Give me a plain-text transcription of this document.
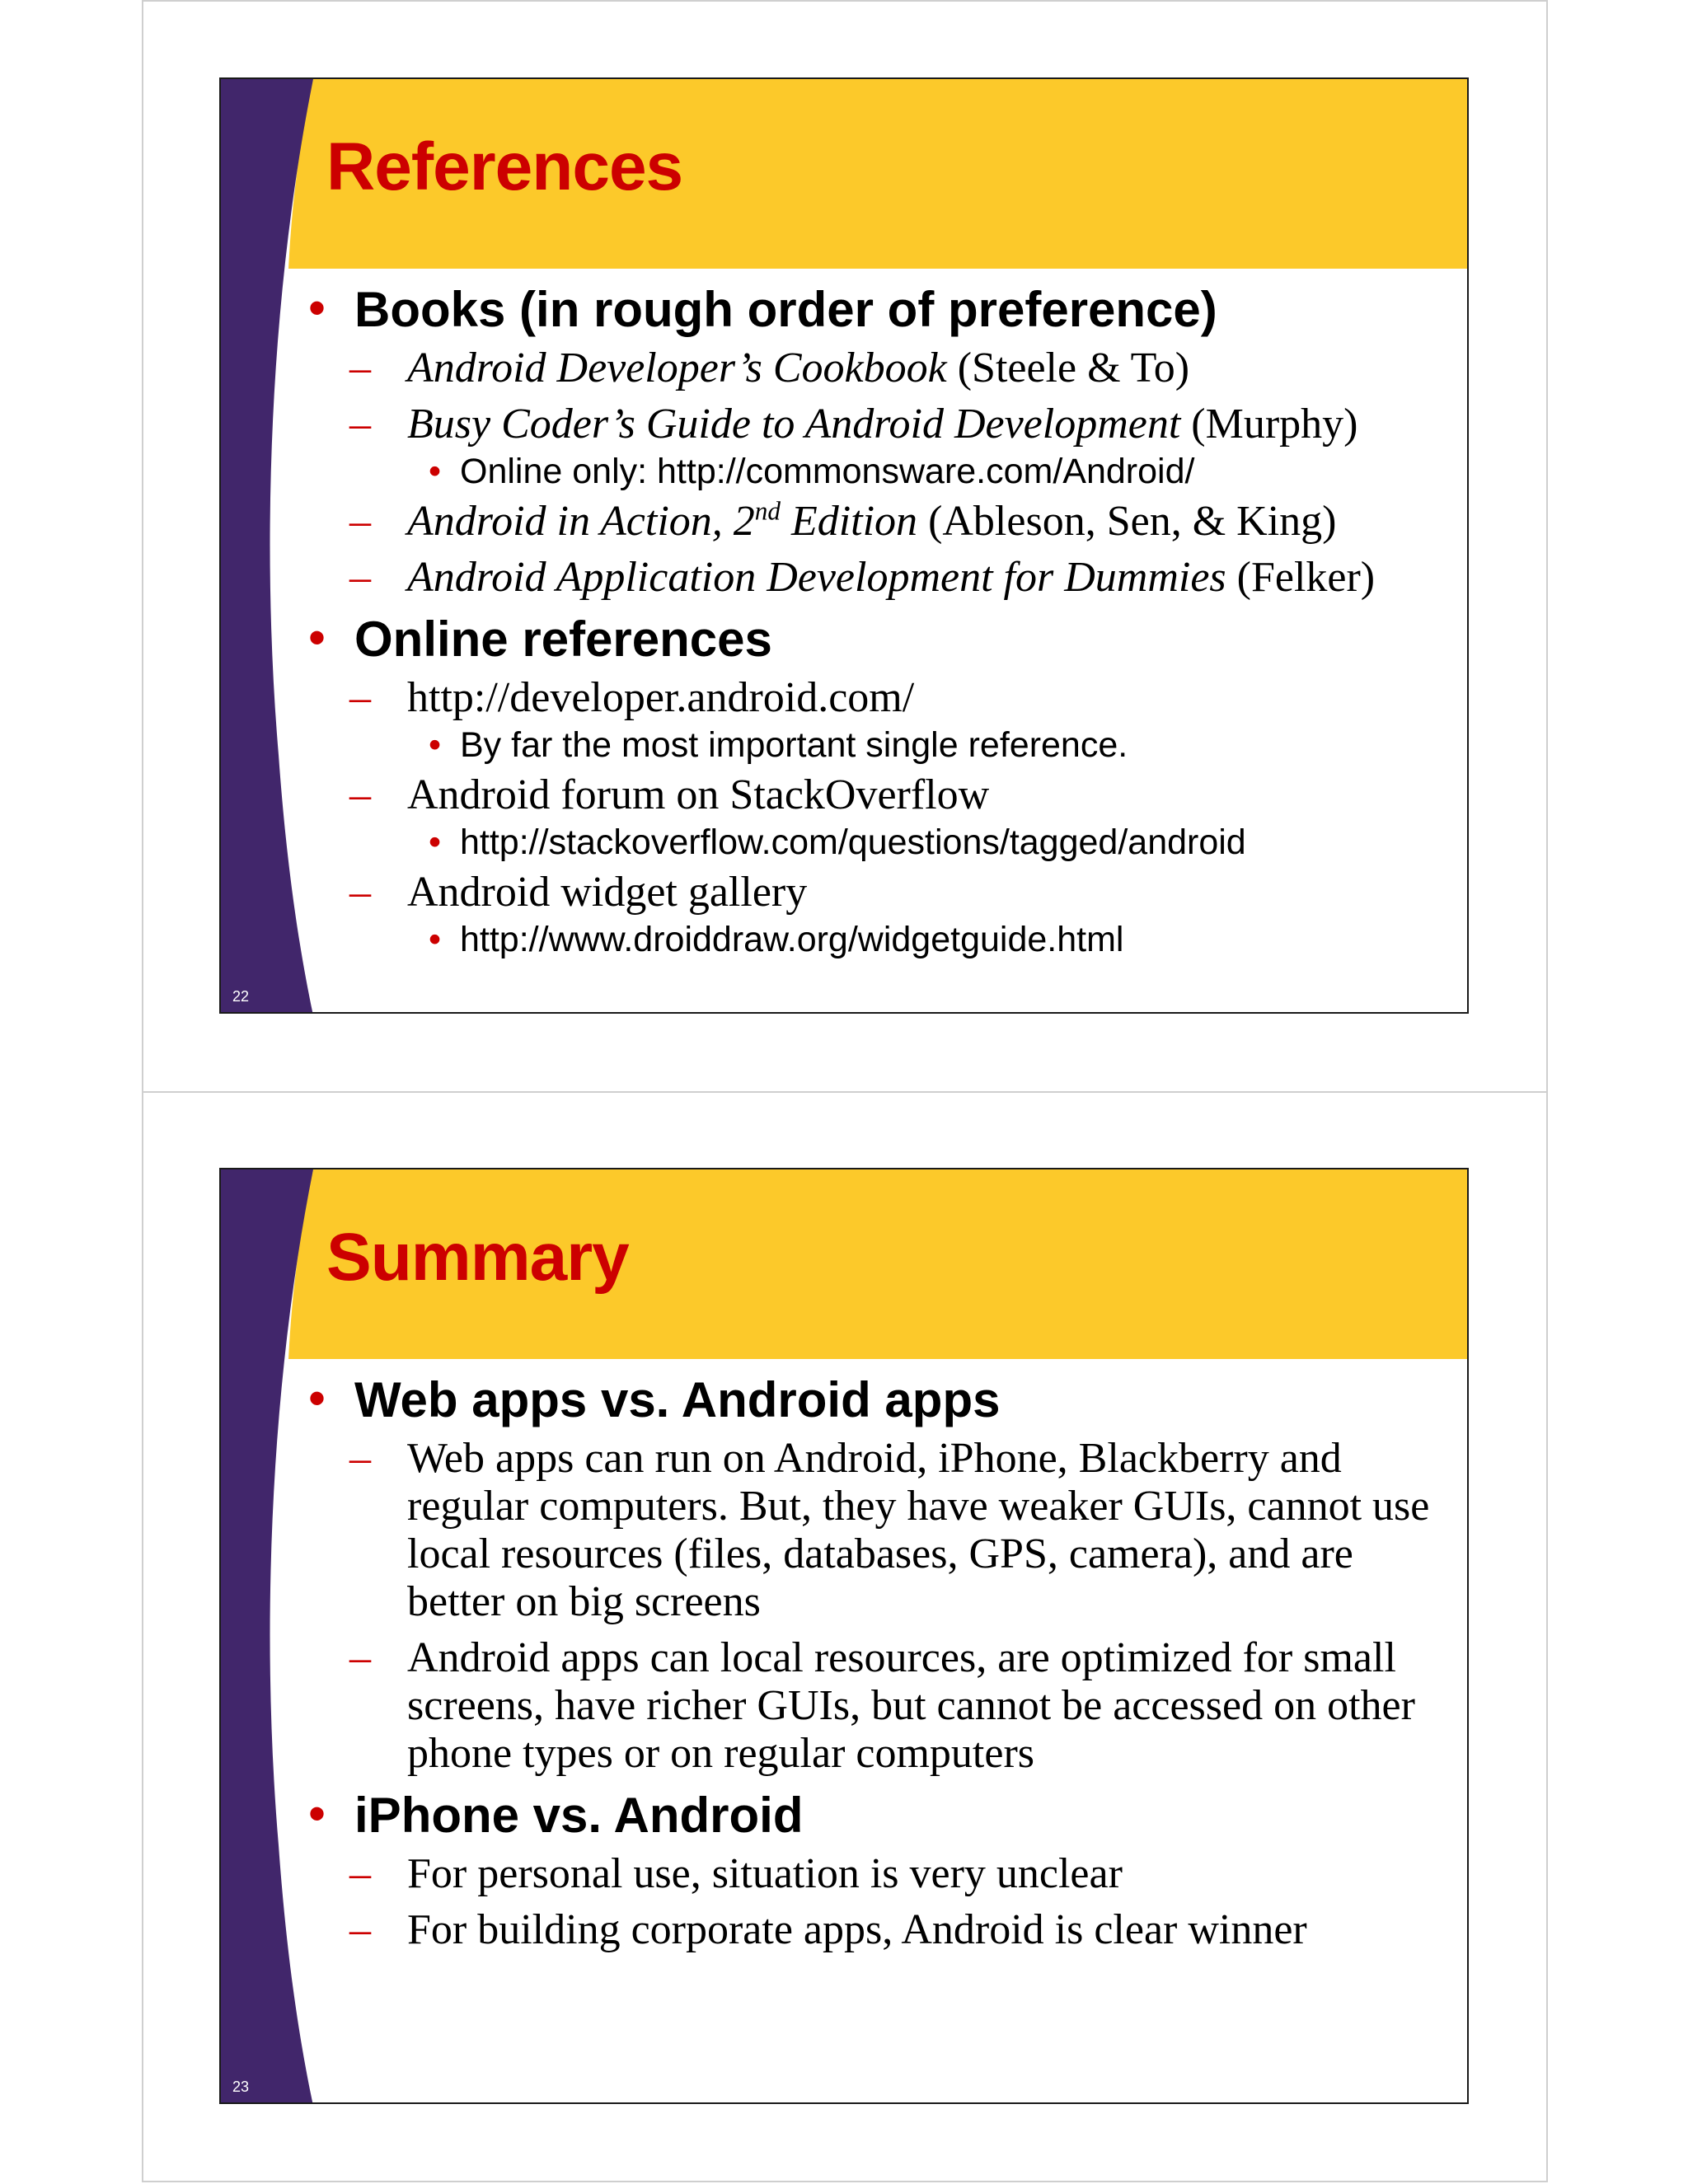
References
22

• Books (in rough order of preference)

– Android Developer’s Cookbook (Steele & To)

– Busy Coder’s Guide to Android Development (Murphy)

• Online only: http://commonsware.com/Android/

– Android in Action, 2nd Edition (Ableson, Sen, & King)

– Android Application Development for Dummies (Felker)

• Online references

– http://developer.android.com/

• By far the most important single reference.

– Android forum on StackOverflow

• http://stackoverflow.com/questions/tagged/android

– Android widget gallery

• http://www.droiddraw.org/widgetguide.html

Summary
23

• Web apps vs. Android apps

– Web apps can run on Android, iPhone, Blackberry and regular computers. But, they have weaker GUIs, cannot use local resources (files, databases, GPS, camera), and are better on big screens

– Android apps can local resources, are optimized for small screens, have richer GUIs, but cannot be accessed on other phone types or on regular computers

• iPhone vs. Android

– For personal use, situation is very unclear

– For building corporate apps, Android is clear winner
